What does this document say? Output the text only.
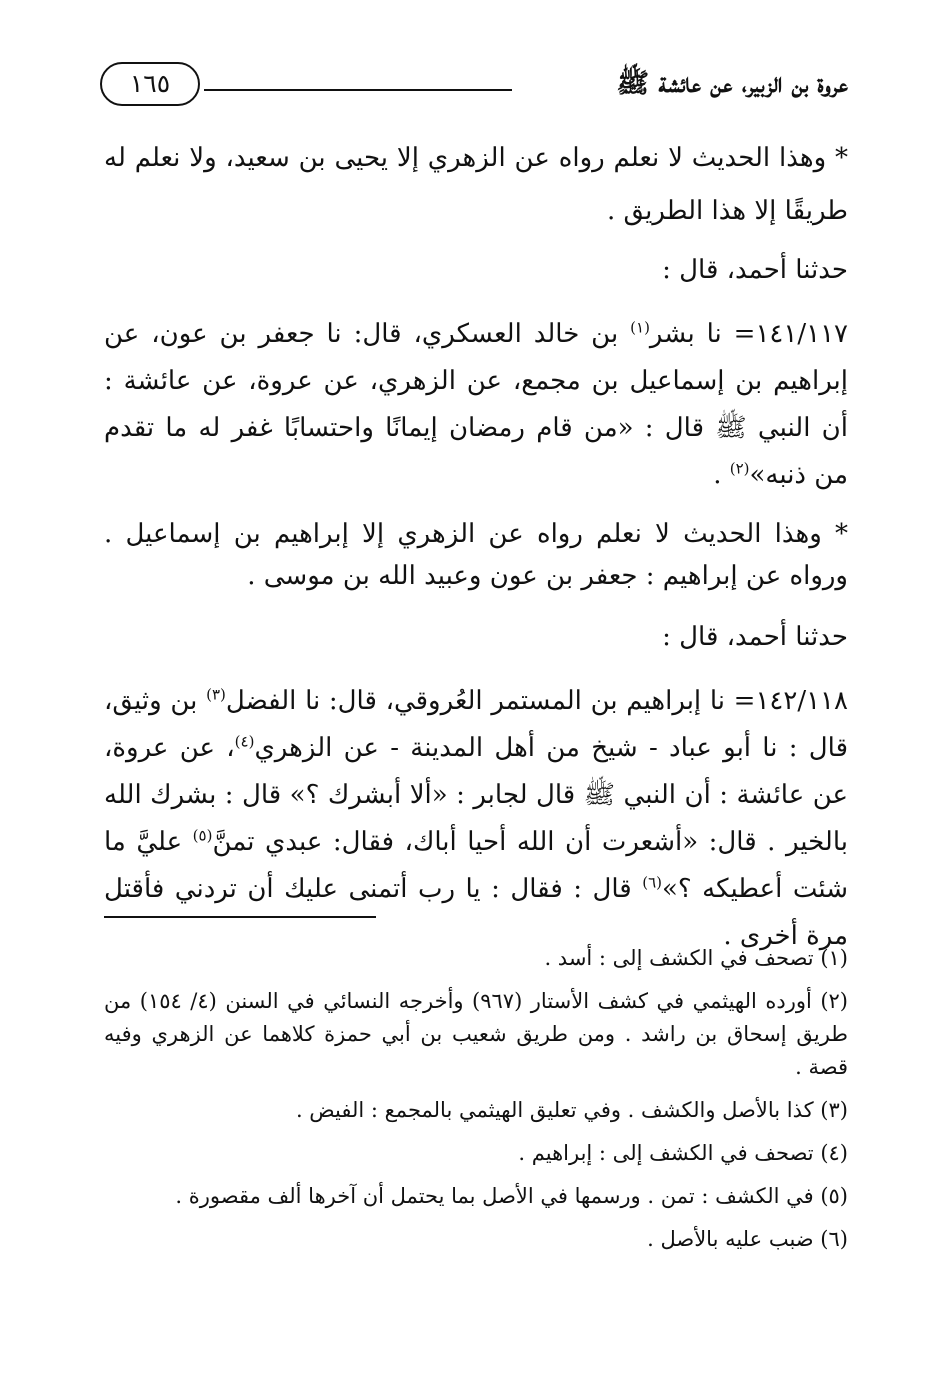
عروة بن الزبير، عن عائشة ﷺ
١٦٥

* وهذا الحديث لا نعلم رواه عن الزهري إلا يحيى بن سعيد، ولا نعلم له طريقًا إلا هذا الطريق .

حدثنا أحمد، قال :

١٤١/١١٧= نا بشر$^{(١)}$ بن خالد العسكري، قال: نا جعفر بن عون، عن إبراهيم بن إسماعيل بن مجمع، عن الزهري، عن عروة، عن عائشة : أن النبي ﷺ قال : «من قام رمضان إيمانًا واحتسابًا غفر له ما تقدم من ذنبه»$^{(٢)}$ .

* وهذا الحديث لا نعلم رواه عن الزهري إلا إبراهيم بن إسماعيل . ورواه عن إبراهيم : جعفر بن عون وعبيد الله بن موسى .

حدثنا أحمد، قال :

١٤٢/١١٨= نا إبراهيم بن المستمر العُروقي، قال: نا الفضل$^{(٣)}$ بن وثيق، قال : نا أبو عباد - شيخ من أهل المدينة - عن الزهري$^{(٤)}$، عن عروة، عن عائشة : أن النبي ﷺ قال لجابر : «ألا أبشرك ؟» قال : بشرك الله بالخير . قال: «أشعرت أن الله أحيا أباك، فقال: عبدي تمنَّ$^{(٥)}$ عليَّ ما شئت أعطيكه ؟»$^{(٦)}$ قال : فقال : يا رب أتمنى عليك أن تردني فأقتل مرة أخرى .

(١) تصحف في الكشف إلى : أسد .

(٢) أورده الهيثمي في كشف الأستار (٩٦٧) وأخرجه النسائي في السنن (٤/ ١٥٤) من طريق إسحاق بن راشد . ومن طريق شعيب بن أبي حمزة كلاهما عن الزهري وفيه قصة .

(٣) كذا بالأصل والكشف . وفي تعليق الهيثمي بالمجمع : الفيض .

(٤) تصحف في الكشف إلى : إبراهيم .

(٥) في الكشف : تمن . ورسمها في الأصل بما يحتمل أن آخرها ألف مقصورة .

(٦) ضبب عليه بالأصل .
